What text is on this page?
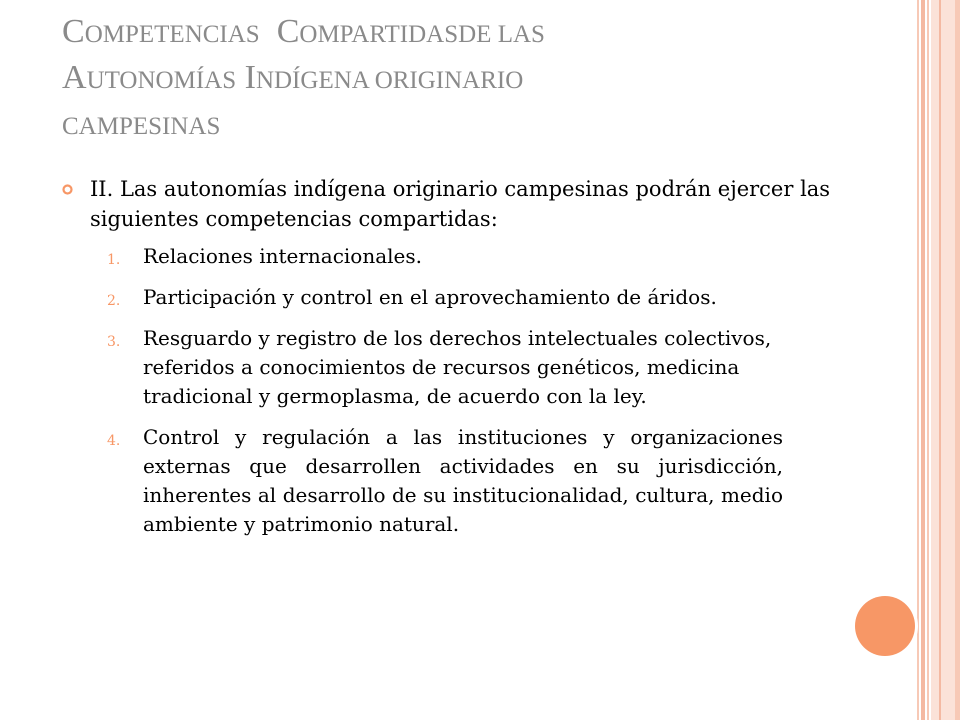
COMPETENCIAS COMPARTIDASDE LAS
AUTONOMÍAS INDÍGENA ORIGINARIO
CAMPESINAS
II. Las autonomías indígena originario campesinas podrán ejercer las siguientes competencias compartidas:
1. Relaciones internacionales.
2. Participación y control en el aprovechamiento de áridos.
3. Resguardo y registro de los derechos intelectuales colectivos, referidos a conocimientos de recursos genéticos, medicina tradicional y germoplasma, de acuerdo con la ley.
4. Control y regulación a las instituciones y organizaciones externas que desarrollen actividades en su jurisdicción, inherentes al desarrollo de su institucionalidad, cultura, medio ambiente y patrimonio natural.
